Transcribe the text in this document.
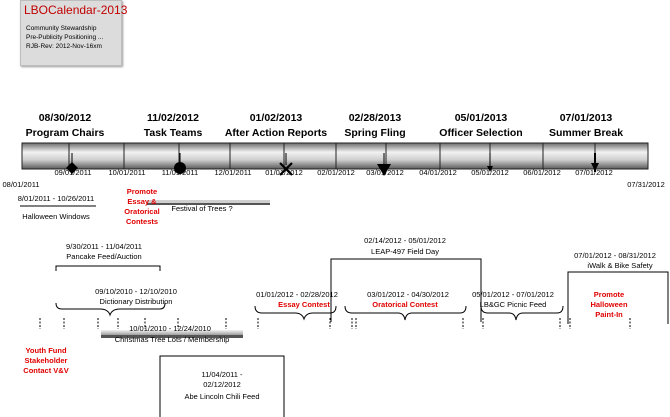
LBOCalendar-2013
Community Stewardship
Pre-Publicity Positioning ...
RJB-Rev: 2012-Nov-16xm
08/30/2012
Program Chairs
11/02/2012
Task Teams
01/02/2013
After Action Reports
02/28/2013
Spring Fling
05/01/2013
Officer Selection
07/01/2013
Summer Break
08/01/2011
09/01/2011 10/01/2011 11/01/2011 12/01/2011 01/01/2012 02/01/2012 03/01/2012 04/01/2012 05/01/2012 06/01/2012 07/01/2012
07/31/2012
8/01/2011 - 10/26/2011
Halloween Windows
Festival of Trees ?
Promote Essay & Oratorical Contests
9/30/2011 - 11/04/2011
Pancake Feed/Auction
09/10/2010 - 12/10/2010
Dictionary Distribution
10/01/2010 - 12/24/2010
Christmas Tree Lots / Membership
11/04/2011 - 02/12/2012
Abe Lincoln Chili Feed
01/01/2012 - 02/28/2012
Essay Contest
02/14/2012 - 05/01/2012
LEAP-497 Field Day
03/01/2012 - 04/30/2012
Oratorical Contest
05/01/2012 - 07/01/2012
LB&GC Picnic Feed
07/01/2012 - 08/31/2012
iWalk & Bike Safety
Youth Fund Stakeholder Contact V&V
Promote Halloween Paint-In
